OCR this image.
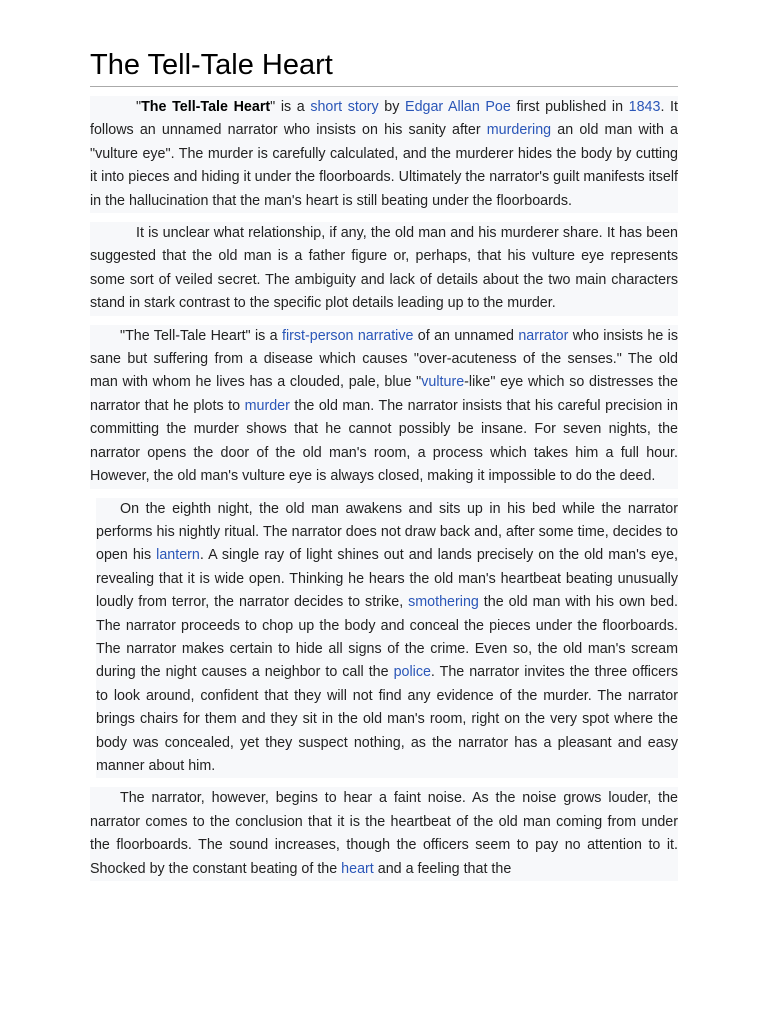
The Tell-Tale Heart

"The Tell-Tale Heart" is a short story by Edgar Allan Poe first published in 1843. It follows an unnamed narrator who insists on his sanity after murdering an old man with a "vulture eye". The murder is carefully calculated, and the murderer hides the body by cutting it into pieces and hiding it under the floorboards. Ultimately the narrator's guilt manifests itself in the hallucination that the man's heart is still beating under the floorboards.

It is unclear what relationship, if any, the old man and his murderer share. It has been suggested that the old man is a father figure or, perhaps, that his vulture eye represents some sort of veiled secret. The ambiguity and lack of details about the two main characters stand in stark contrast to the specific plot details leading up to the murder.

"The Tell-Tale Heart" is a first-person narrative of an unnamed narrator who insists he is sane but suffering from a disease which causes "over-acuteness of the senses." The old man with whom he lives has a clouded, pale, blue "vulture-like" eye which so distresses the narrator that he plots to murder the old man. The narrator insists that his careful precision in committing the murder shows that he cannot possibly be insane. For seven nights, the narrator opens the door of the old man's room, a process which takes him a full hour. However, the old man's vulture eye is always closed, making it impossible to do the deed.

On the eighth night, the old man awakens and sits up in his bed while the narrator performs his nightly ritual. The narrator does not draw back and, after some time, decides to open his lantern. A single ray of light shines out and lands precisely on the old man's eye, revealing that it is wide open. Thinking he hears the old man's heartbeat beating unusually loudly from terror, the narrator decides to strike, smothering the old man with his own bed. The narrator proceeds to chop up the body and conceal the pieces under the floorboards. The narrator makes certain to hide all signs of the crime. Even so, the old man's scream during the night causes a neighbor to call the police. The narrator invites the three officers to look around, confident that they will not find any evidence of the murder. The narrator brings chairs for them and they sit in the old man's room, right on the very spot where the body was concealed, yet they suspect nothing, as the narrator has a pleasant and easy manner about him.

The narrator, however, begins to hear a faint noise. As the noise grows louder, the narrator comes to the conclusion that it is the heartbeat of the old man coming from under the floorboards. The sound increases, though the officers seem to pay no attention to it. Shocked by the constant beating of the heart and a feeling that the
